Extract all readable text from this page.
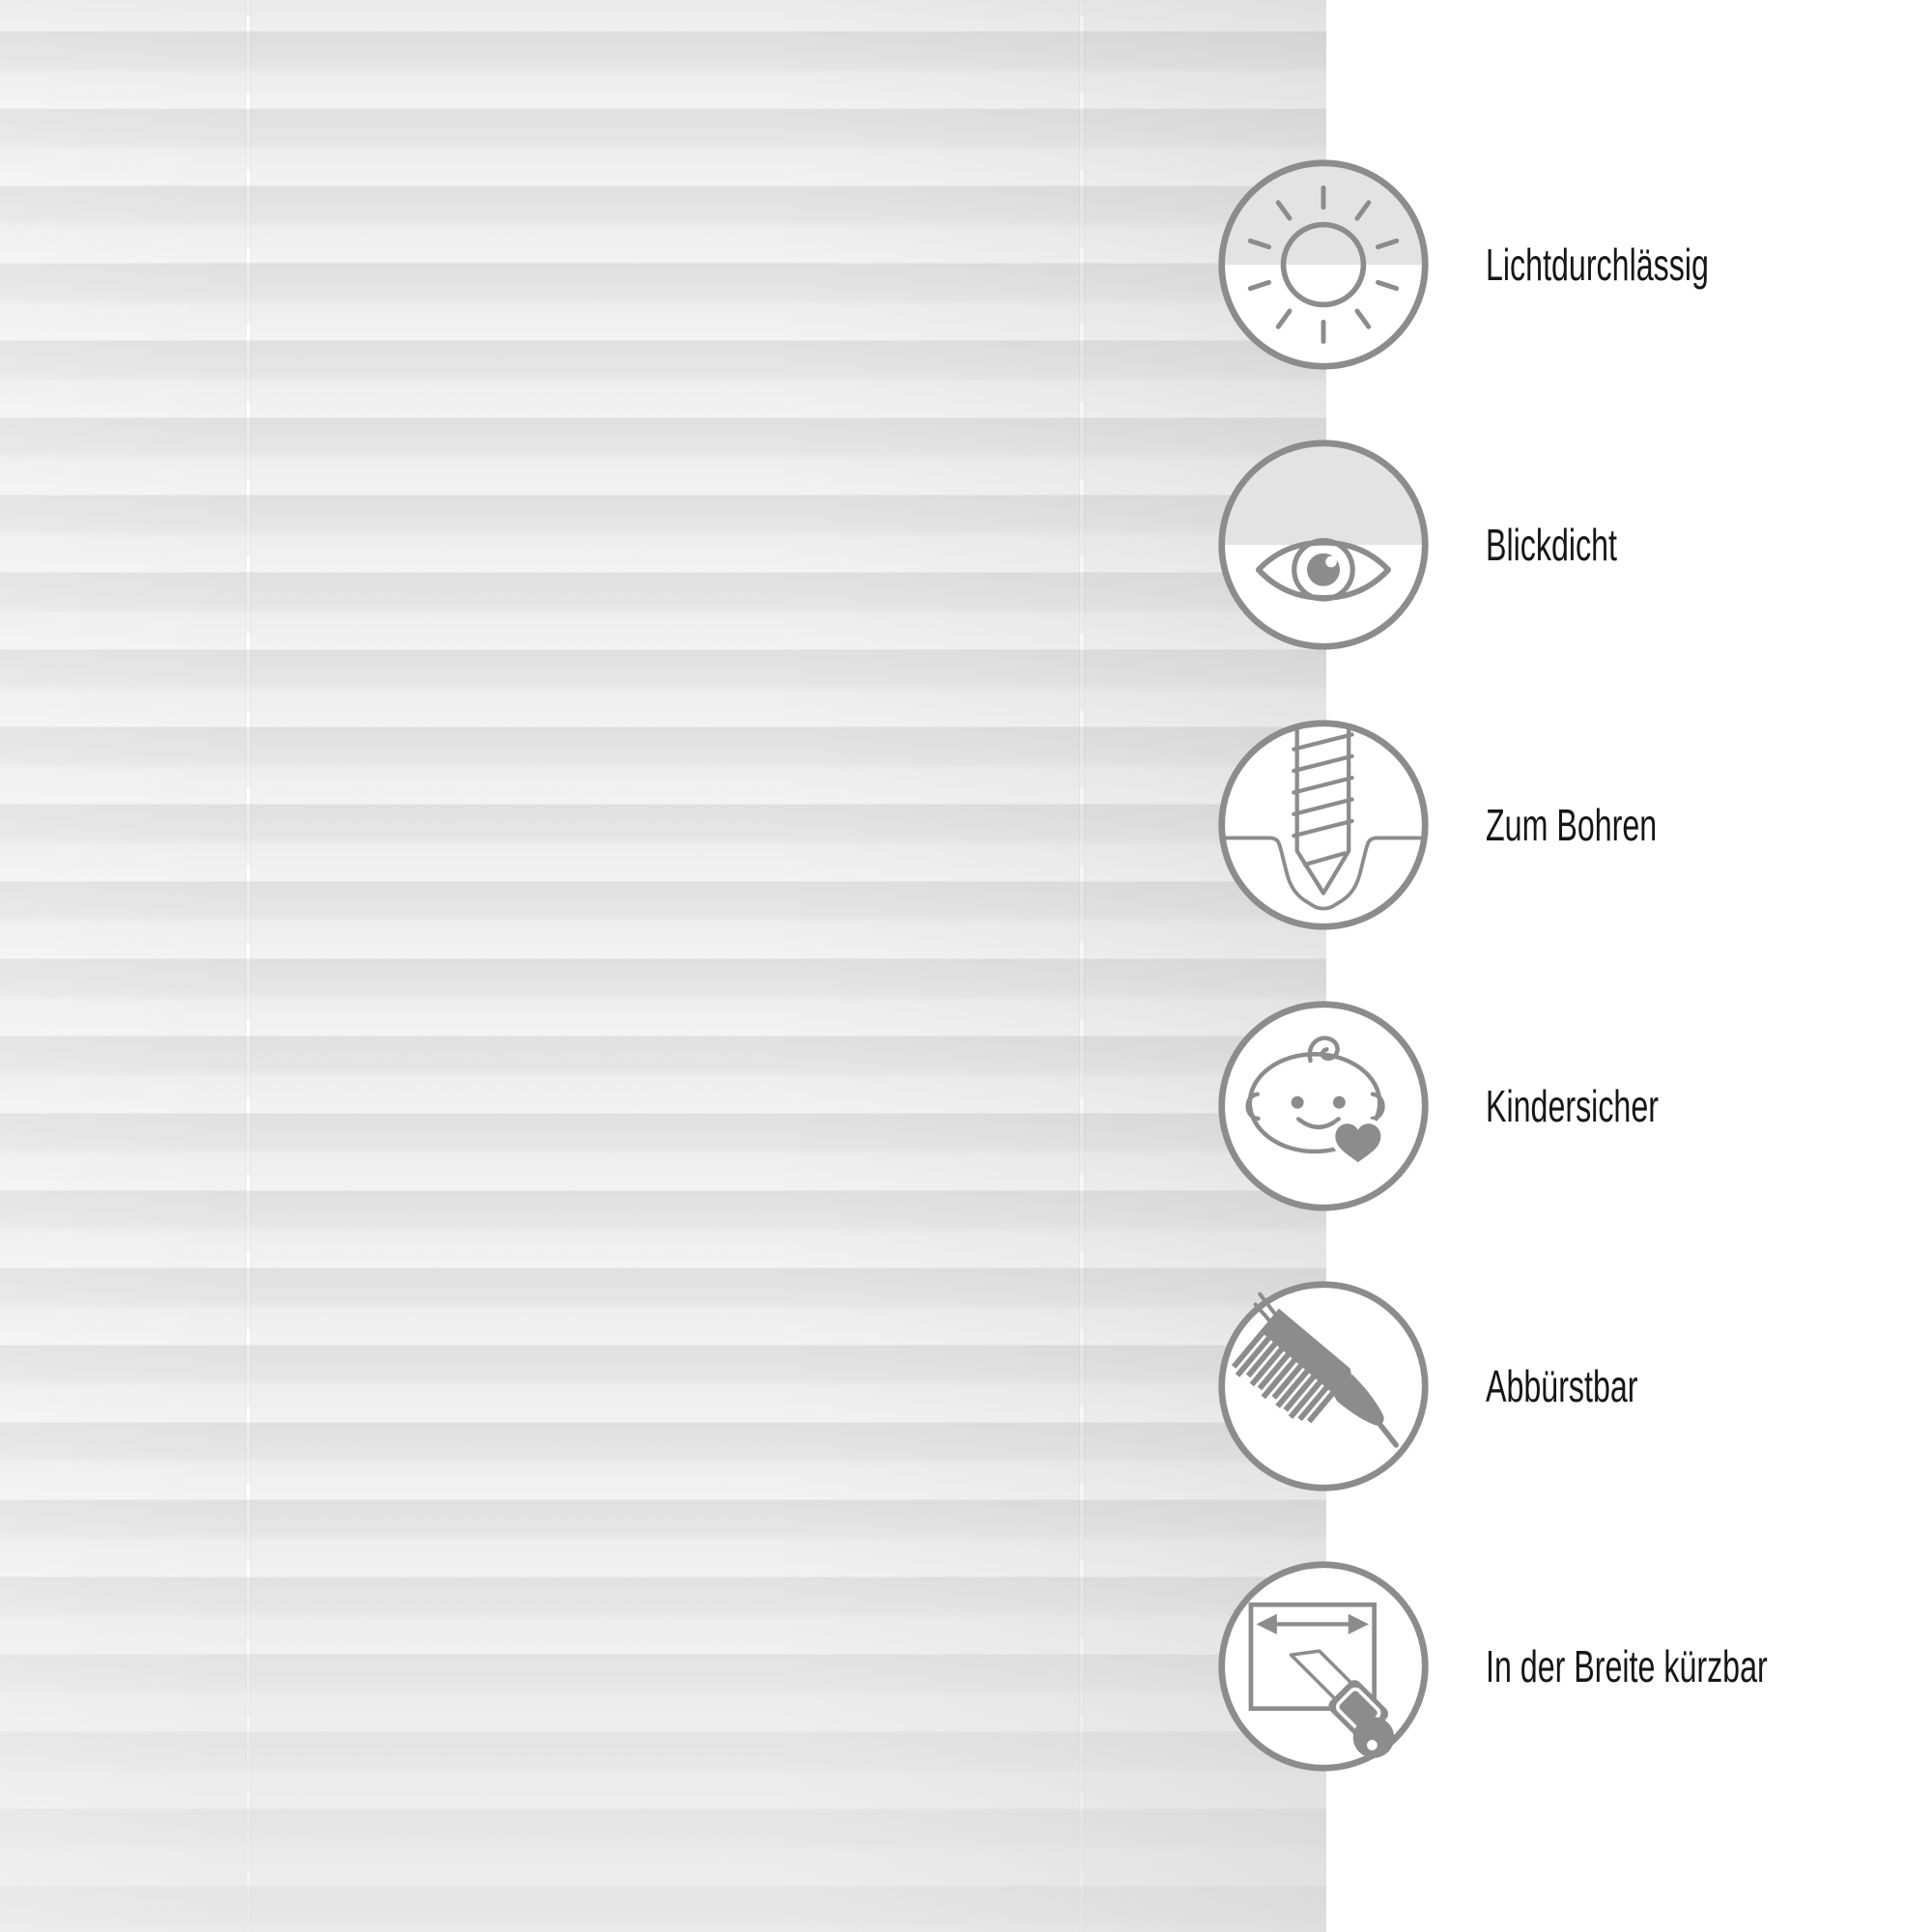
Lichtdurchlässig
Blickdicht
Zum Bohren
Kindersicher
Abbürstbar
In der Breite kürzbar
